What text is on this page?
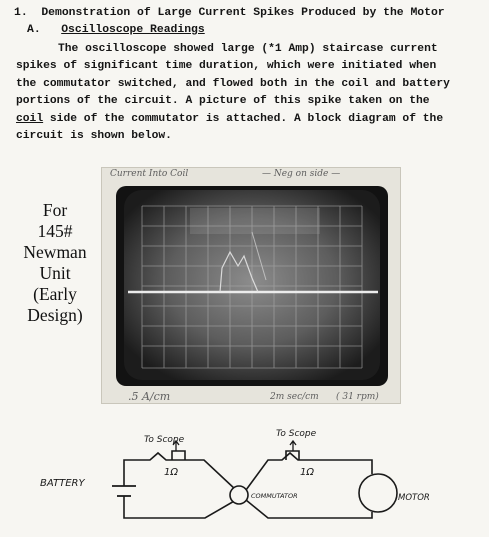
1. Demonstration of Large Current Spikes Produced by the Motor
A. Oscilloscope Readings
The oscilloscope showed large (*1 Amp) staircase current
spikes of significant time duration, which were initiated when
the commutator switched, and flowed both in the coil and battery
portions of the circuit. A picture of this spike taken on the
coil side of the commutator is attached. A block diagram of the
circuit is shown below.
For
145#
Newman
Unit
(Early
Design)
Current Into Coil	— Neg on side —
.5 A/cm	2m sec/cm ( 31 rpm)
To Scope
To Scope
1Ω	1Ω
BATTERY
COMMUTATOR	MOTOR
